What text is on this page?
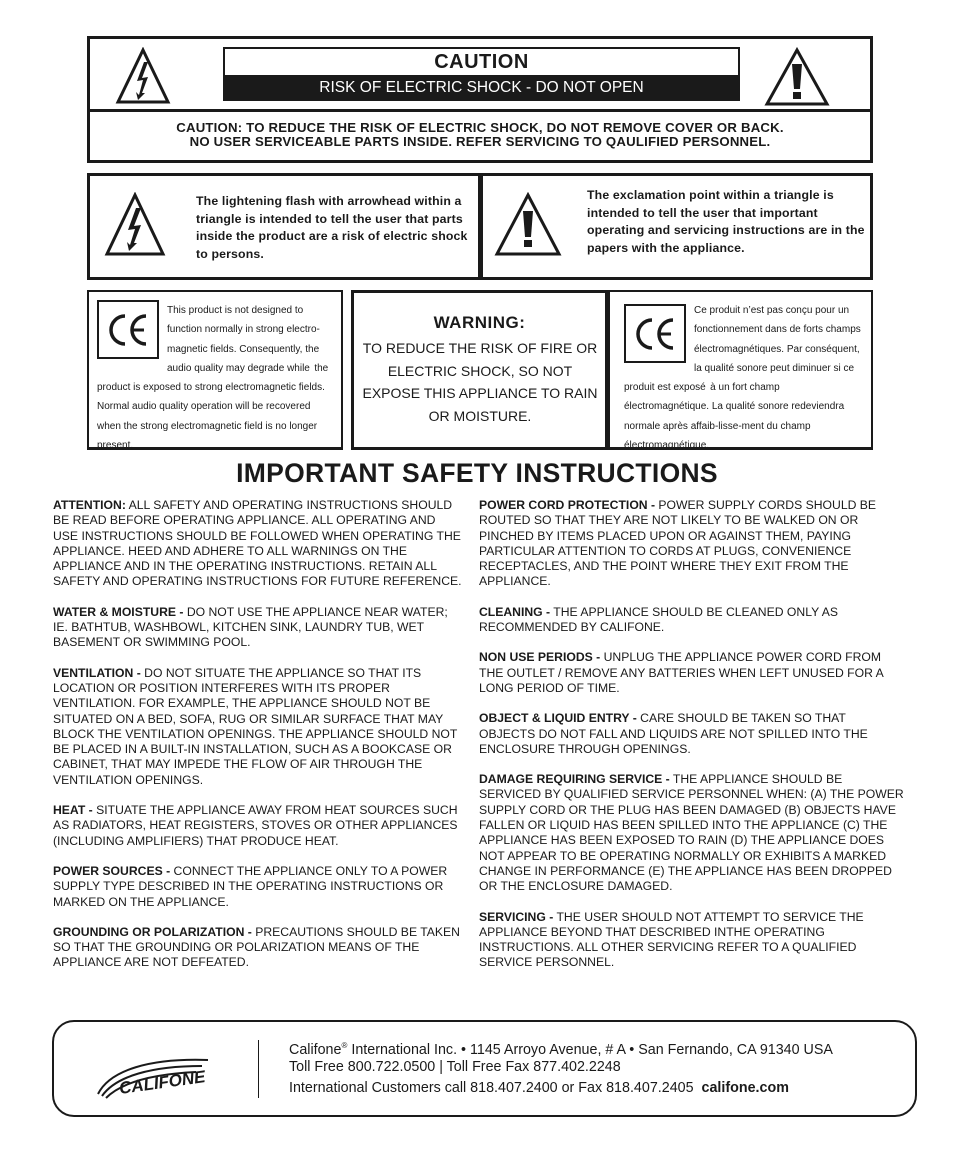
CAUTION
RISK OF ELECTRIC SHOCK - DO NOT OPEN
CAUTION: TO REDUCE THE RISK OF ELECTRIC SHOCK, DO NOT REMOVE COVER OR BACK.
NO USER SERVICEABLE PARTS INSIDE. REFER SERVICING TO QAULIFIED PERSONNEL.
The lightening flash with arrowhead within a triangle is intended to tell the user that parts inside the product are a risk of electric shock to persons.
The exclamation point within a triangle is intended to tell the user that important operating and servicing instructions are in the papers with the appliance.
This product is not designed to function normally in strong electro-magnetic fields. Consequently, the audio quality may degrade while the product is exposed to strong electromagnetic fields. Normal audio quality operation will be recovered when the strong electromagnetic field is no longer present.
WARNING:
TO REDUCE THE RISK OF FIRE OR ELECTRIC SHOCK, SO NOT EXPOSE THIS APPLIANCE TO RAIN OR MOISTURE.
Ce produit n’est pas conçu pour un fonctionnement dans de forts champs électromagnétiques. Par conséquent, la qualité sonore peut diminuer si ce produit est exposé à un fort champ électromagnétique. La qualité sonore redeviendra normale après affaib-lisse-ment du champ électromagnétique.
IMPORTANT SAFETY INSTRUCTIONS

ATTENTION: ALL SAFETY AND OPERATING INSTRUCTIONS SHOULD BE READ BEFORE OPERATING APPLIANCE. ALL OPERATING AND USE INSTRUCTIONS SHOULD BE FOLLOWED WHEN OPERATING THE APPLIANCE. HEED AND ADHERE TO ALL WARNINGS ON THE APPLIANCE AND IN THE OPERATING INSTRUCTIONS. RETAIN ALL SAFETY AND OPERATING INSTRUCTIONS FOR FUTURE REFERENCE.

WATER & MOISTURE - DO NOT USE THE APPLIANCE NEAR WATER; IE. BATHTUB, WASHBOWL, KITCHEN SINK, LAUNDRY TUB, WET BASEMENT OR SWIMMING POOL.

VENTILATION - DO NOT SITUATE THE APPLIANCE SO THAT ITS LOCATION OR POSITION INTERFERES WITH ITS PROPER VENTILATION. FOR EXAMPLE, THE APPLIANCE SHOULD NOT BE SITUATED ON A BED, SOFA, RUG OR SIMILAR SURFACE THAT MAY BLOCK THE VENTILATION OPENINGS. THE APPLIANCE SHOULD NOT BE PLACED IN A BUILT-IN INSTALLATION, SUCH AS A BOOKCASE OR CABINET, THAT MAY IMPEDE THE FLOW OF AIR THROUGH THE VENTILATION OPENINGS.

HEAT - SITUATE THE APPLIANCE AWAY FROM HEAT SOURCES SUCH AS RADIATORS, HEAT REGISTERS, STOVES OR OTHER APPLIANCES (INCLUDING AMPLIFIERS) THAT PRODUCE HEAT.

POWER SOURCES - CONNECT THE APPLIANCE ONLY TO A POWER SUPPLY TYPE DESCRIBED IN THE OPERATING INSTRUCTIONS OR MARKED ON THE APPLIANCE.

GROUNDING OR POLARIZATION - PRECAUTIONS SHOULD BE TAKEN SO THAT THE GROUNDING OR POLARIZATION MEANS OF THE APPLIANCE ARE NOT DEFEATED.

POWER CORD PROTECTION - POWER SUPPLY CORDS SHOULD BE ROUTED SO THAT THEY ARE NOT LIKELY TO BE WALKED ON OR PINCHED BY ITEMS PLACED UPON OR AGAINST THEM, PAYING PARTICULAR ATTENTION TO CORDS AT PLUGS, CONVENIENCE RECEPTACLES, AND THE POINT WHERE THEY EXIT FROM THE APPLIANCE.

CLEANING - THE APPLIANCE SHOULD BE CLEANED ONLY AS RECOMMENDED BY CALIFONE.

NON USE PERIODS - UNPLUG THE APPLIANCE POWER CORD FROM THE OUTLET / REMOVE ANY BATTERIES WHEN LEFT UNUSED FOR A LONG PERIOD OF TIME.

OBJECT & LIQUID ENTRY - CARE SHOULD BE TAKEN SO THAT OBJECTS DO NOT FALL AND LIQUIDS ARE NOT SPILLED INTO THE ENCLOSURE THROUGH OPENINGS.

DAMAGE REQUIRING SERVICE - THE APPLIANCE SHOULD BE SERVICED BY QUALIFIED SERVICE PERSONNEL WHEN: (A) THE POWER SUPPLY CORD OR THE PLUG HAS BEEN DAMAGED (B) OBJECTS HAVE FALLEN OR LIQUID HAS BEEN SPILLED INTO THE APPLIANCE (C) THE APPLIANCE HAS BEEN EXPOSED TO RAIN (D) THE APPLIANCE DOES NOT APPEAR TO BE OPERATING NORMALLY OR EXHIBITS A MARKED CHANGE IN PERFORMANCE (E) THE APPLIANCE HAS BEEN DROPPED OR THE ENCLOSURE DAMAGED.

SERVICING - THE USER SHOULD NOT ATTEMPT TO SERVICE THE APPLIANCE BEYOND THAT DESCRIBED INTHE OPERATING INSTRUCTIONS. ALL OTHER SERVICING REFER TO A QUALIFIED SERVICE PERSONNEL.

CALIFONE
Califone® International Inc. • 1145 Arroyo Avenue, # A • San Fernando, CA 91340 USA
Toll Free 800.722.0500 | Toll Free Fax 877.402.2248
International Customers call 818.407.2400 or Fax 818.407.2405 califone.com
